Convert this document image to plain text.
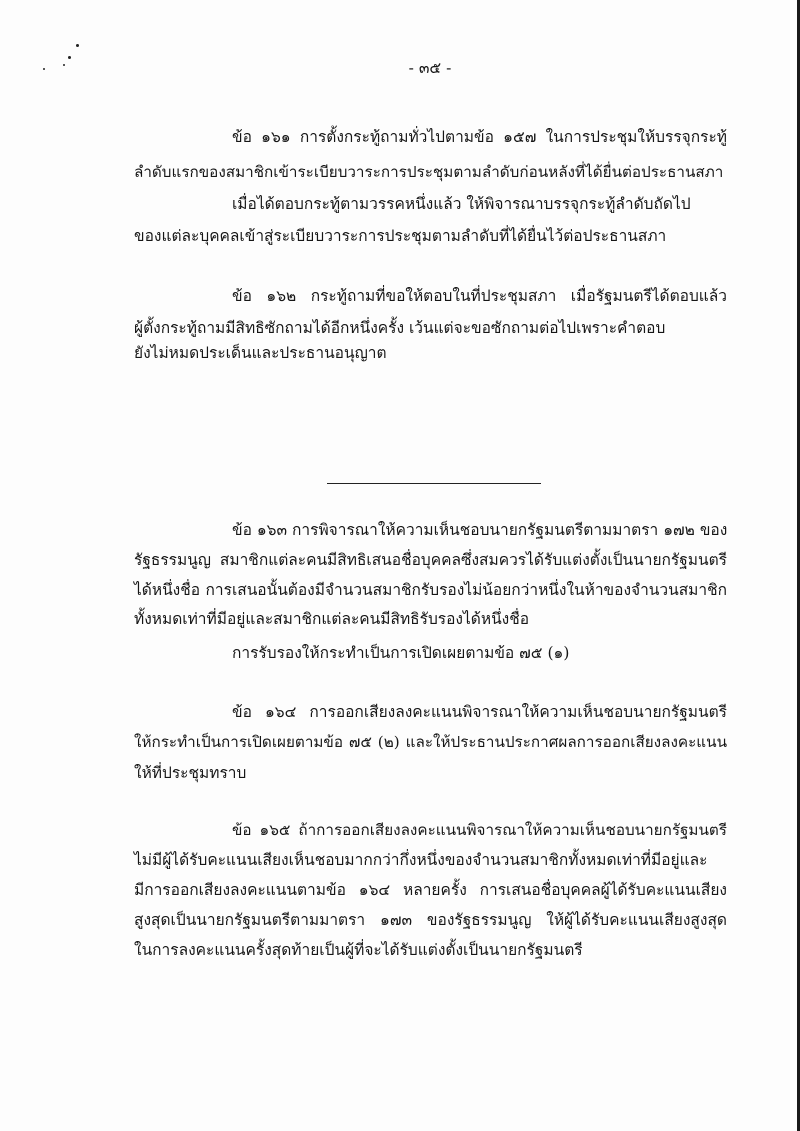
- ๓๕ -
ข้อ ๑๖๑ การตั้งกระทู้ถามทั่วไปตามข้อ ๑๕๗ ในการประชุมให้บรรจุกระทู้
ลำดับแรกของสมาชิกเข้าระเบียบวาระการประชุมตามลำดับก่อนหลังที่ได้ยื่นต่อประธานสภา
เมื่อได้ตอบกระทู้ตามวรรคหนึ่งแล้ว ให้พิจารณาบรรจุกระทู้ลำดับถัดไป
ของแต่ละบุคคลเข้าสู่ระเบียบวาระการประชุมตามลำดับที่ได้ยื่นไว้ต่อประธานสภา
ข้อ ๑๖๒ กระทู้ถามที่ขอให้ตอบในที่ประชุมสภา เมื่อรัฐมนตรีได้ตอบแล้ว
ผู้ตั้งกระทู้ถามมีสิทธิซักถามได้อีกหนึ่งครั้ง เว้นแต่จะขอซักถามต่อไปเพราะคำตอบ
ยังไม่หมดประเด็นและประธานอนุญาต
ข้อ ๑๖๓ การพิจารณาให้ความเห็นชอบนายกรัฐมนตรีตามมาตรา ๑๗๒ ของ
รัฐธรรมนูญ สมาชิกแต่ละคนมีสิทธิเสนอชื่อบุคคลซึ่งสมควรได้รับแต่งตั้งเป็นนายกรัฐมนตรี
ได้หนึ่งชื่อ การเสนอนั้นต้องมีจำนวนสมาชิกรับรองไม่น้อยกว่าหนึ่งในห้าของจำนวนสมาชิก
ทั้งหมดเท่าที่มีอยู่และสมาชิกแต่ละคนมีสิทธิรับรองได้หนึ่งชื่อ
การรับรองให้กระทำเป็นการเปิดเผยตามข้อ ๗๕ (๑)
ข้อ ๑๖๔ การออกเสียงลงคะแนนพิจารณาให้ความเห็นชอบนายกรัฐมนตรี
ให้กระทำเป็นการเปิดเผยตามข้อ ๗๕ (๒) และให้ประธานประกาศผลการออกเสียงลงคะแนน
ให้ที่ประชุมทราบ
ข้อ ๑๖๕ ถ้าการออกเสียงลงคะแนนพิจารณาให้ความเห็นชอบนายกรัฐมนตรี
ไม่มีผู้ได้รับคะแนนเสียงเห็นชอบมากกว่ากึ่งหนึ่งของจำนวนสมาชิกทั้งหมดเท่าที่มีอยู่และ
มีการออกเสียงลงคะแนนตามข้อ ๑๖๔ หลายครั้ง การเสนอชื่อบุคคลผู้ได้รับคะแนนเสียง
สูงสุดเป็นนายกรัฐมนตรีตามมาตรา ๑๗๓ ของรัฐธรรมนูญ ให้ผู้ได้รับคะแนนเสียงสูงสุด
ในการลงคะแนนครั้งสุดท้ายเป็นผู้ที่จะได้รับแต่งตั้งเป็นนายกรัฐมนตรี
